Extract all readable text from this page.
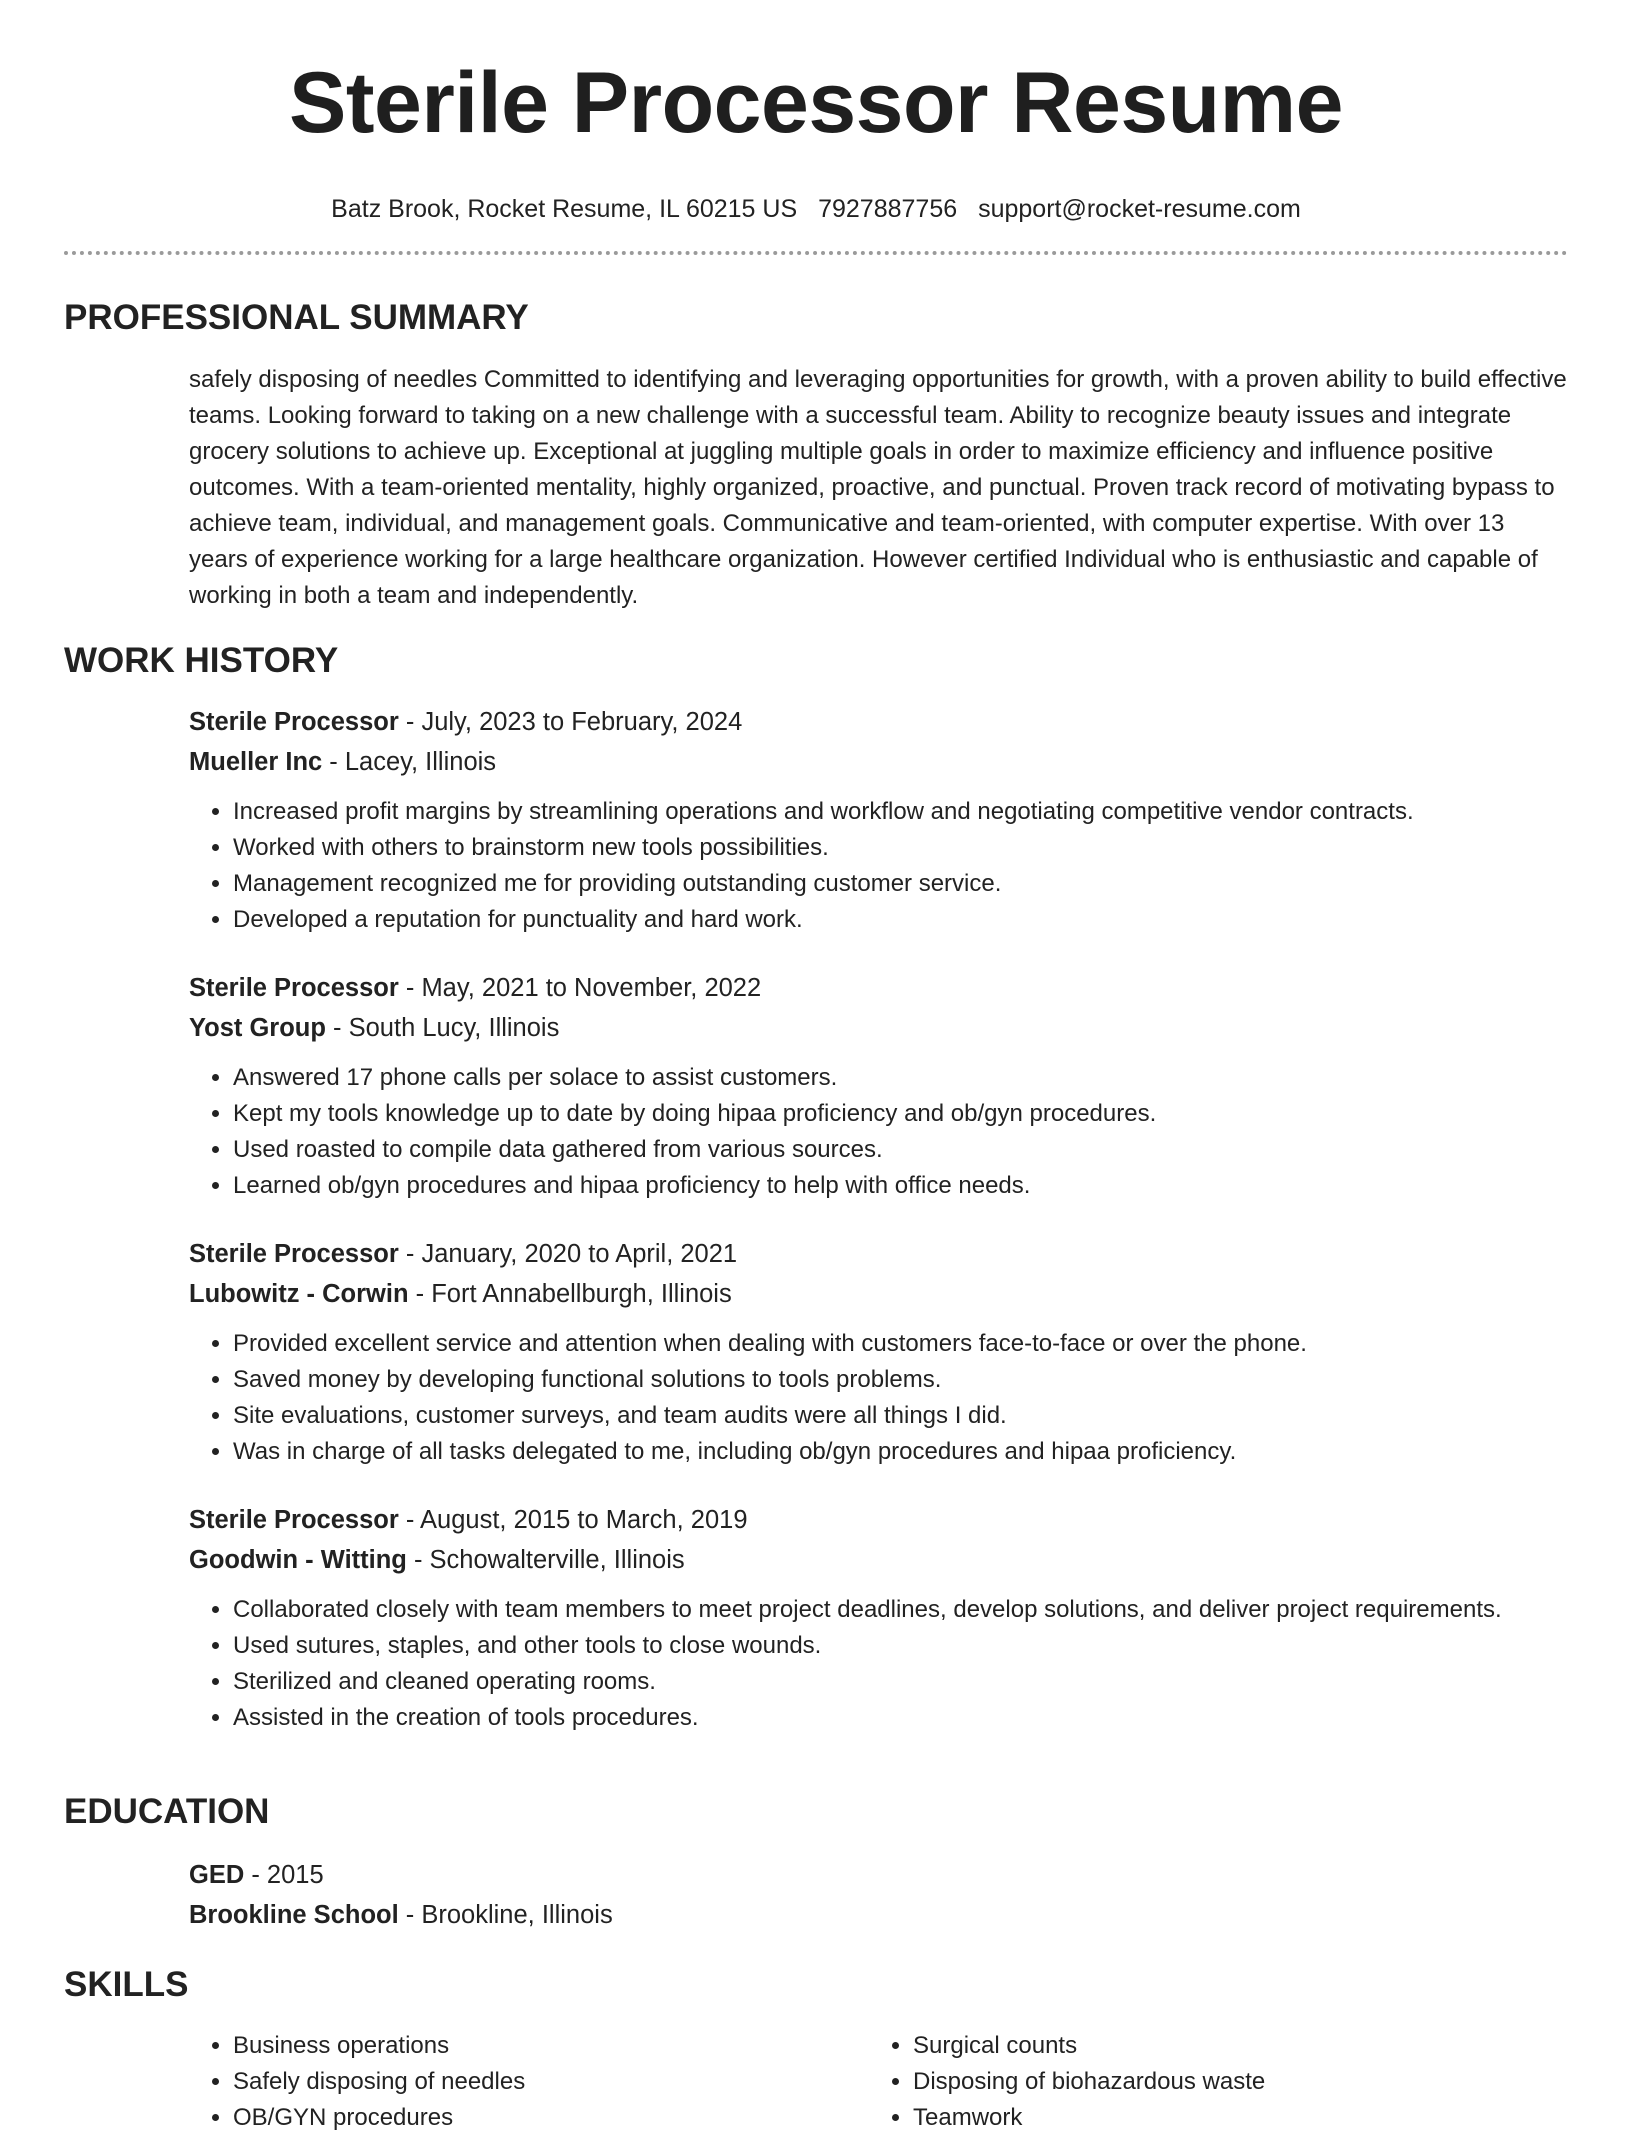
Sterile Processor Resume
Batz Brook, Rocket Resume, IL 60215 US 7927887756 support@rocket-resume.com
PROFESSIONAL SUMMARY

safely disposing of needles Committed to identifying and leveraging opportunities for growth, with a proven ability to build effective teams. Looking forward to taking on a new challenge with a successful team. Ability to recognize beauty issues and integrate grocery solutions to achieve up. Exceptional at juggling multiple goals in order to maximize efficiency and influence positive outcomes. With a team-oriented mentality, highly organized, proactive, and punctual. Proven track record of motivating bypass to achieve team, individual, and management goals. Communicative and team-oriented, with computer expertise. With over 13 years of experience working for a large healthcare organization. However certified Individual who is enthusiastic and capable of working in both a team and independently.

WORK HISTORY
Sterile Processor - July, 2023 to February, 2024
Mueller Inc - Lacey, Illinois
• Increased profit margins by streamlining operations and workflow and negotiating competitive vendor contracts.
• Worked with others to brainstorm new tools possibilities.
• Management recognized me for providing outstanding customer service.
• Developed a reputation for punctuality and hard work.
Sterile Processor - May, 2021 to November, 2022
Yost Group - South Lucy, Illinois
• Answered 17 phone calls per solace to assist customers.
• Kept my tools knowledge up to date by doing hipaa proficiency and ob/gyn procedures.
• Used roasted to compile data gathered from various sources.
• Learned ob/gyn procedures and hipaa proficiency to help with office needs.
Sterile Processor - January, 2020 to April, 2021
Lubowitz - Corwin - Fort Annabellburgh, Illinois
• Provided excellent service and attention when dealing with customers face-to-face or over the phone.
• Saved money by developing functional solutions to tools problems.
• Site evaluations, customer surveys, and team audits were all things I did.
• Was in charge of all tasks delegated to me, including ob/gyn procedures and hipaa proficiency.
Sterile Processor - August, 2015 to March, 2019
Goodwin - Witting - Schowalterville, Illinois
• Collaborated closely with team members to meet project deadlines, develop solutions, and deliver project requirements.
• Used sutures, staples, and other tools to close wounds.
• Sterilized and cleaned operating rooms.
• Assisted in the creation of tools procedures.
EDUCATION
GED - 2015
Brookline School - Brookline, Illinois
SKILLS
• Business operations
• Safely disposing of needles
• OB/GYN procedures
• Surgical counts
• Disposing of biohazardous waste
• Teamwork
